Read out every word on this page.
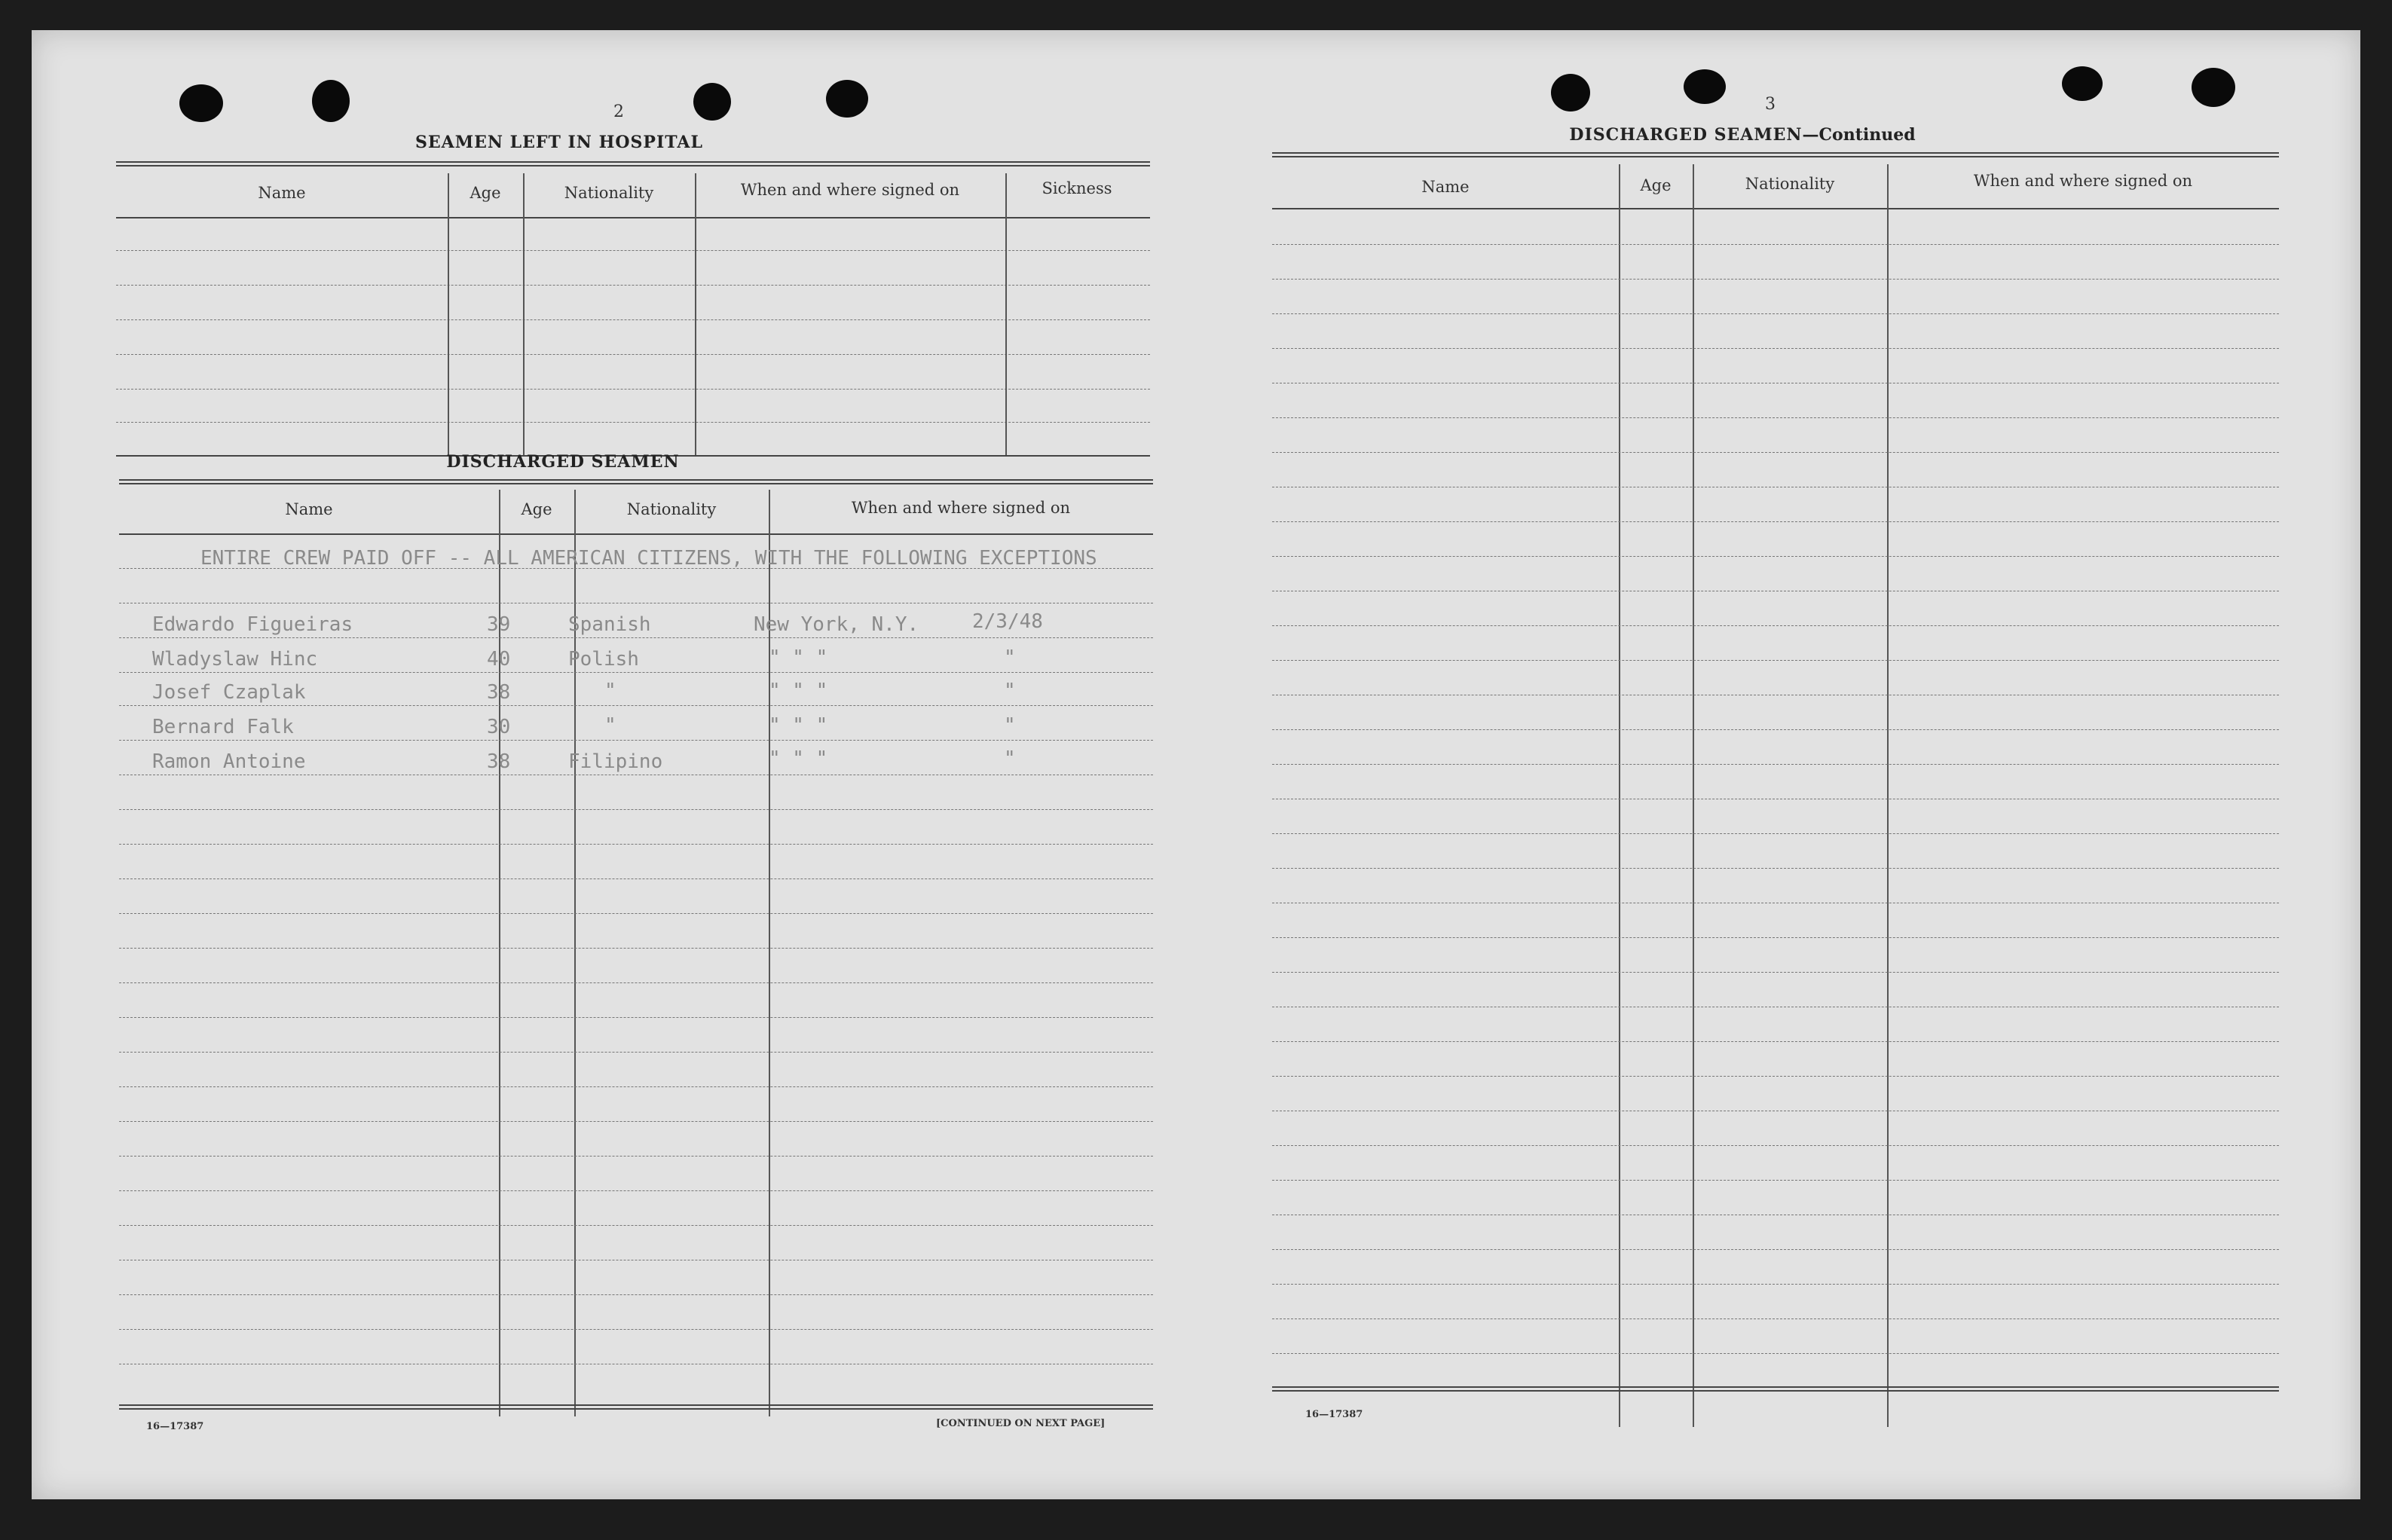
2
SEAMEN LEFT IN HOSPITAL
Name	Age	Nationality	When and where signed on	Sickness
DISCHARGED SEAMEN
Name	Age	Nationality	When and where signed on
ENTIRE CREW PAID OFF -- ALL AMERICAN CITIZENS, WITH THE FOLLOWING EXCEPTIONS
Edwardo Figueiras	39	Spanish	New York, N.Y.	2/3/48
Wladyslaw Hinc	40	Polish	" " "	"
Josef Czaplak	38	"	" " "	"
Bernard Falk	30	"	" " "	"
Ramon Antoine	38	Filipino	" " "	"
16—17387	[CONTINUED ON NEXT PAGE]
3
DISCHARGED SEAMEN—Continued
Name	Age	Nationality	When and where signed on
16—17387
